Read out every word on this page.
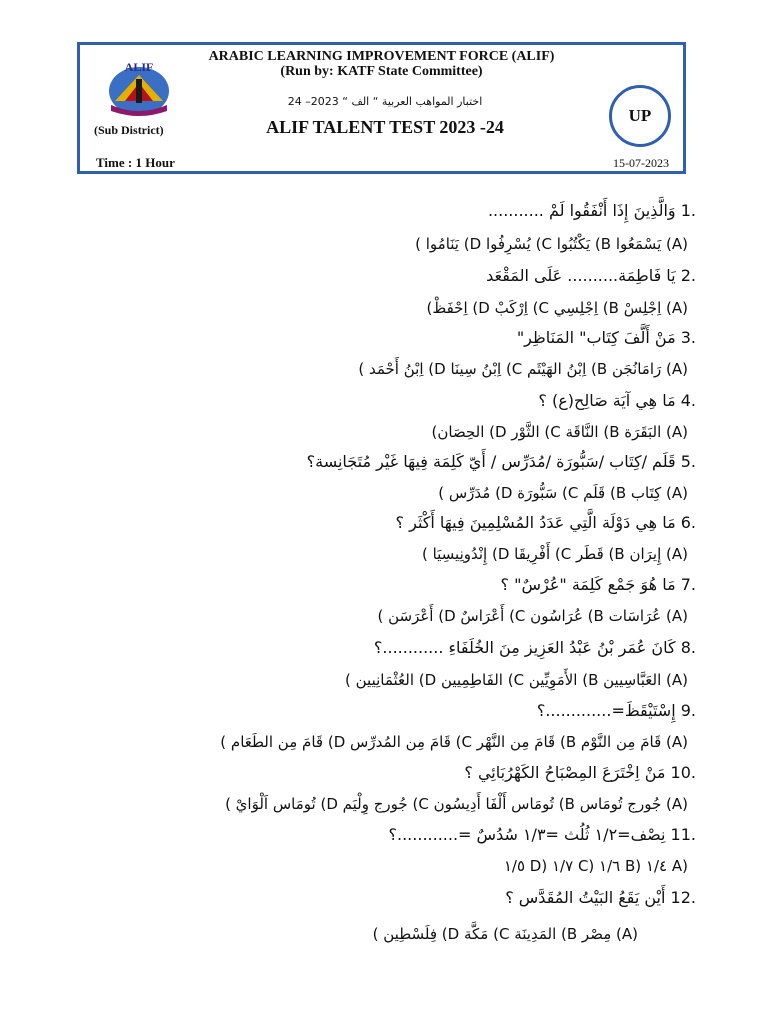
ALIF
ARABIC LEARNING IMPROVEMENT FORCE (ALIF)
(Run by: KATF State Committee)
اختبار المواهب العربية “ الف “ 2023– 24
(Sub District)	ALIF TALENT TEST 2023 -24
Time : 1 Hour	15-07-2023
UP
1. وَالَّذِينَ إِذَا أَنْفَقُوا لَمْ ...........
(A) يَسْمَعُوا B) يَكْتُبُوا C) يُسْرِفُوا D) يَنَامُوا )
2. يَا فَاطِمَة.......... عَلَى المَقْعَد
(A) اِجْلِسْ B) اِجْلِسِي C) اِرْكَبْ D) اِحْفَظْ)
3. مَنْ أَلَّفَ كِتَاب" المَنَاظِر"
(A) رَامَانُجَن B) اِبْنُ الهَيْثَم C) اِبْنُ سِينَا D) اِبْنُ أَحْمَد )
4. مَا هِي آيَة صَالِح(ع) ؟
(A) البَقَرَة B) النَّاقَة C) الثَّوْر D) الحِصَان)
5. قَلَم /كِتَاب /سَبُّورَة /مُدَرِّس / أَيّ كَلِمَة فِيهَا غَيْر مُتَجَانِسة؟
(A) كِتَاب B) قَلَم C) سَبُّورَة D) مُدَرِّس )
6. مَا هِي دَوْلَة الَّتِي عَدَدُ المُسْلِمِينَ فِيهَا أَكْثَر ؟
(A) إِيرَان B) قَطَر C) أَفْرِيقَا D) إِنْدُونِيسِيَا )
7. مَا هُوَ جَمْع كَلِمَة "عُرْسٌ" ؟
(A) عُرَاسَات B) عُرَاسُون C) أَعْرَاسٌ D) أَعْرَسَن )
8. كَانَ عُمَر بْنُ عَبْدُ العَزِيز مِنَ الخُلَفَاءِ ............؟
(A) العَبَّاسِيين B) الأَمَوِيِّين C) الفَاطِمِيين D) العُثْمَانِيين )
9. إِسْتَيْقَظَ=.............؟
(A) قَامَ مِن النَّوْم B) قَامَ مِن النَّهْر C) قَامَ مِن المُدرِّس D) قَامَ مِن الطَعَام )
10. مَنْ اِخْتَرَعَ المِصْبَاحُ الكَهْرُبَائِي ؟
(A) جُورج تُومَاس B) تُومَاس أَلْفَا أَدِيسُون C) جُورج وِلْيَم D) تُومَاس اَلْوَايْ )
11. نِصْف=١/٢ ثُلُث =١/٣ سُدُسٌ =............؟
(A ١/٤ (B ١/٦ (C ١/٧ (D ١/٥
12. أَيْن يَقَعُ البَيْتُ المُقَدَّس ؟
(A) مِصْر B) المَدِينَة C) مَكَّة D) فِلَسْطِين )
